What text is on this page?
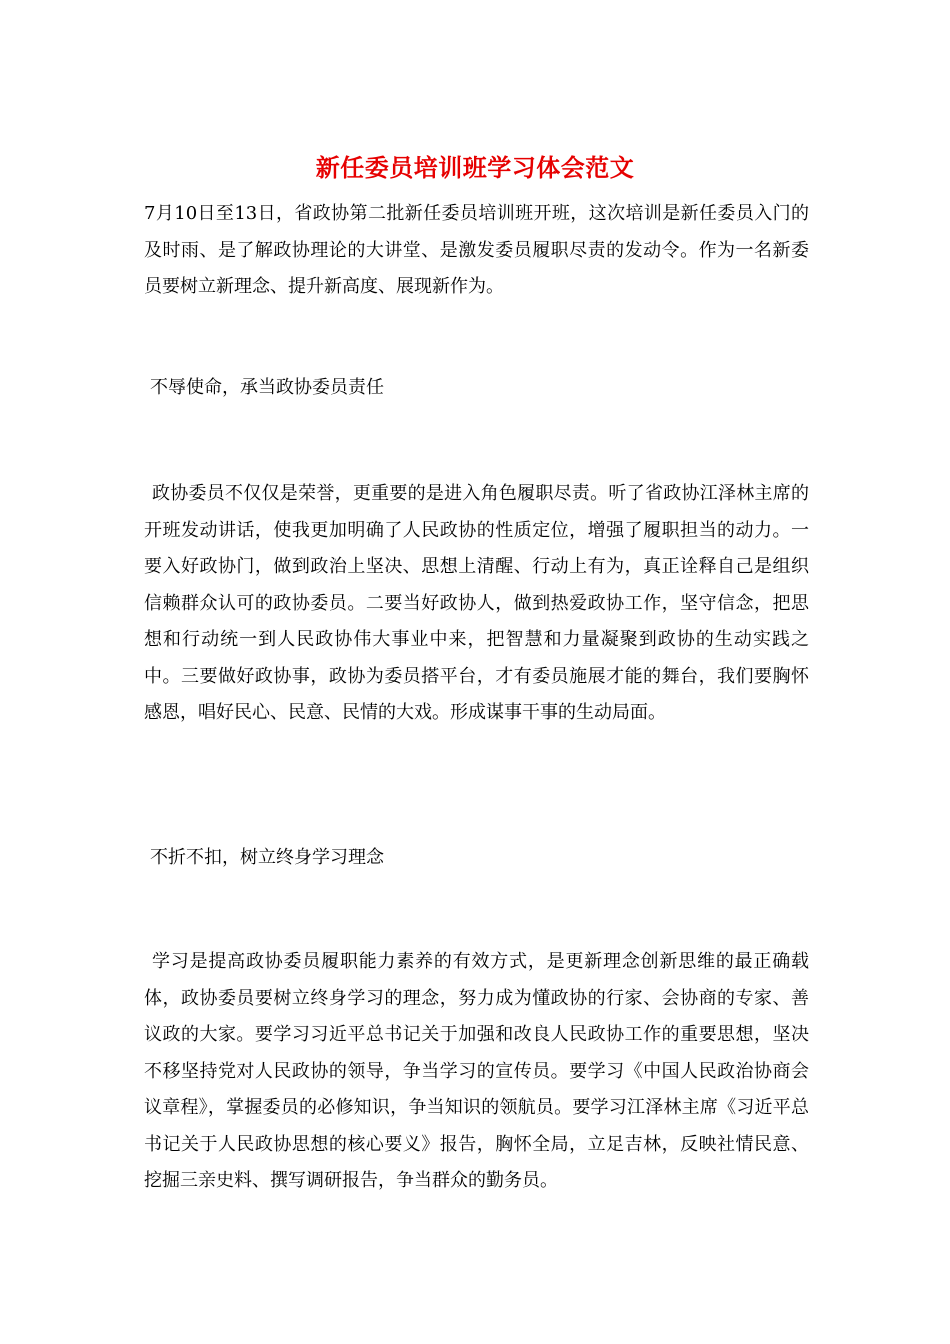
新任委员培训班学习体会范文
7月10日至13日，省政协第二批新任委员培训班开班，这次培训是新任委员入门的及时雨、是了解政协理论的大讲堂、是激发委员履职尽责的发动令。作为一名新委员要树立新理念、提升新高度、展现新作为。
不辱使命，承当政协委员责任
政协委员不仅仅是荣誉，更重要的是进入角色履职尽责。听了省政协江泽林主席的开班发动讲话，使我更加明确了人民政协的性质定位，增强了履职担当的动力。一要入好政协门，做到政治上坚决、思想上清醒、行动上有为，真正诠释自己是组织信赖群众认可的政协委员。二要当好政协人，做到热爱政协工作，坚守信念，把思想和行动统一到人民政协伟大事业中来，把智慧和力量凝聚到政协的生动实践之中。三要做好政协事，政协为委员搭平台，才有委员施展才能的舞台，我们要胸怀感恩，唱好民心、民意、民情的大戏。形成谋事干事的生动局面。
不折不扣，树立终身学习理念
学习是提高政协委员履职能力素养的有效方式，是更新理念创新思维的最正确载体，政协委员要树立终身学习的理念，努力成为懂政协的行家、会协商的专家、善议政的大家。要学习习近平总书记关于加强和改良人民政协工作的重要思想，坚决不移坚持党对人民政协的领导，争当学习的宣传员。要学习《中国人民政治协商会议章程》，掌握委员的必修知识，争当知识的领航员。要学习江泽林主席《习近平总书记关于人民政协思想的核心要义》报告，胸怀全局，立足吉林，反映社情民意、挖掘三亲史料、撰写调研报告，争当群众的勤务员。
